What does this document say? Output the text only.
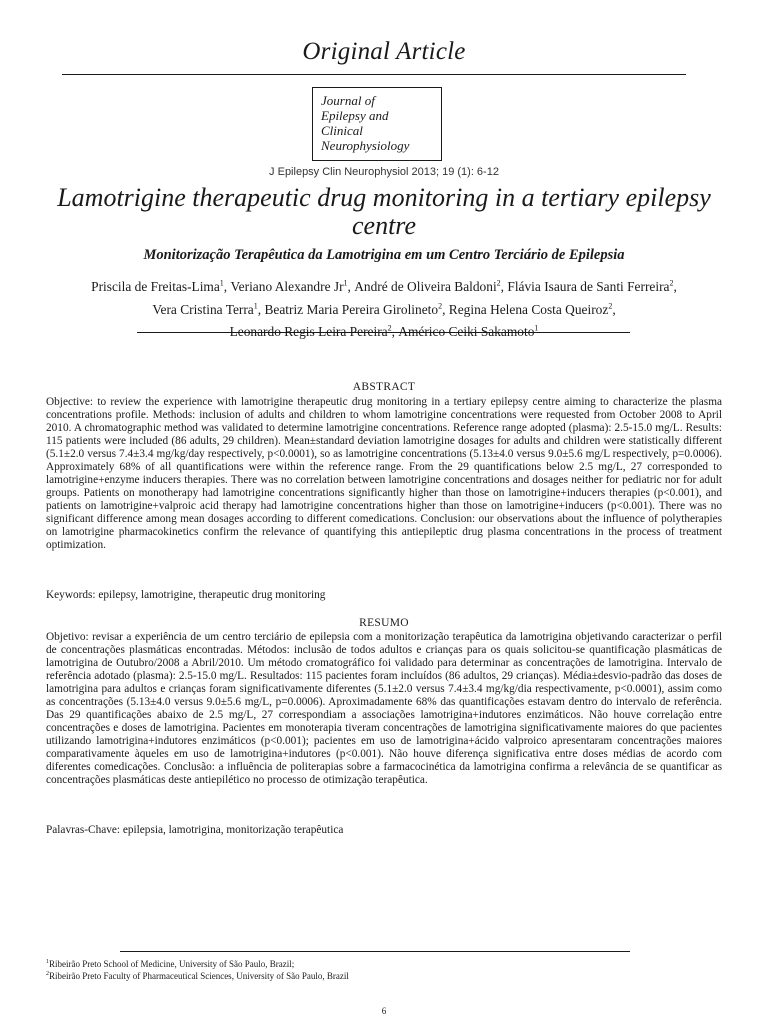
Original Article
Journal of
Epilepsy and
Clinical
Neurophysiology
J Epilepsy Clin Neurophysiol 2013; 19 (1): 6-12
Lamotrigine therapeutic drug monitoring in a tertiary epilepsy centre
Monitorização Terapêutica da Lamotrigina em um Centro Terciário de Epilepsia
Priscila de Freitas-Lima$^1$, Veriano Alexandre Jr$^1$, André de Oliveira Baldoni$^2$, Flávia Isaura de Santi Ferreira$^2$,
Vera Cristina Terra$^1$, Beatriz Maria Pereira Girolineto$^2$, Regina Helena Costa Queiroz$^2$,
Leonardo Regis Leira Pereira$^2$, Américo Ceiki Sakamoto$^1$
ABSTRACT
Objective: to review the experience with lamotrigine therapeutic drug monitoring in a tertiary epilepsy centre aiming to characterize the plasma concentrations profile. Methods: inclusion of adults and children to whom lamotrigine concentrations were requested from October 2008 to April 2010. A chromatographic method was validated to determine lamotrigine concentrations. Reference range adopted (plasma): 2.5-15.0 mg/L. Results: 115 patients were included (86 adults, 29 children). Mean±standard deviation lamotrigine dosages for adults and children were statistically different (5.1±2.0 versus 7.4±3.4 mg/kg/day respectively, p<0.0001), so as lamotrigine concentrations (5.13±4.0 versus 9.0±5.6 mg/L respectively, p=0.0006). Approximately 68% of all quantifications were within the reference range. From the 29 quantifications below 2.5 mg/L, 27 corresponded to lamotrigine+enzyme inducers therapies. There was no correlation between lamotrigine concentrations and dosages neither for pediatric nor for adult groups. Patients on monotherapy had lamotrigine concentrations significantly higher than those on lamotrigine+inducers therapies (p<0.001), and patients on lamotrigine+valproic acid therapy had lamotrigine concentrations higher than those on lamotrigine+inducers (p<0.001). There was no significant difference among mean dosages according to different comedications. Conclusion: our observations about the influence of polytherapies on lamotrigine pharmacokinetics confirm the relevance of quantifying this antiepileptic drug plasma concentrations in the process of treatment optimization.
Keywords: epilepsy, lamotrigine, therapeutic drug monitoring
RESUMO
Objetivo: revisar a experiência de um centro terciário de epilepsia com a monitorização terapêutica da lamotrigina objetivando caracterizar o perfil de concentrações plasmáticas encontradas. Métodos: inclusão de todos adultos e crianças para os quais solicitou-se quantificação plasmáticas de lamotrigina de Outubro/2008 a Abril/2010. Um método cromatográfico foi validado para determinar as concentrações de lamotrigina. Intervalo de referência adotado (plasma): 2.5-15.0 mg/L. Resultados: 115 pacientes foram incluídos (86 adultos, 29 crianças). Média±desvio-padrão das doses de lamotrigina para adultos e crianças foram significativamente diferentes (5.1±2.0 versus 7.4±3.4 mg/kg/dia respectivamente, p<0.0001), assim como as concentrações (5.13±4.0 versus 9.0±5.6 mg/L, p=0.0006). Aproximadamente 68% das quantificações estavam dentro do intervalo de referência. Das 29 quantificações abaixo de 2.5 mg/L, 27 correspondiam a associações lamotrigina+indutores enzimáticos. Não houve correlação entre concentrações e doses de lamotrigina. Pacientes em monoterapia tiveram concentrações de lamotrigina significativamente maiores do que pacientes utilizando lamotrigina+indutores enzimáticos (p<0.001); pacientes em uso de lamotrigina+ácido valproico apresentaram concentrações maiores comparativamente àqueles em uso de lamotrigina+indutores (p<0.001). Não houve diferença significativa entre doses médias de acordo com diferentes comedicações. Conclusão: a influência de politerapias sobre a farmacocinética da lamotrigina confirma a relevância de se quantificar as concentrações plasmáticas deste antiepilético no processo de otimização terapêutica.
Palavras-Chave: epilepsia, lamotrigina, monitorização terapêutica
$^1$Ribeirão Preto School of Medicine, University of São Paulo, Brazil;
$^2$Ribeirão Preto Faculty of Pharmaceutical Sciences, University of São Paulo, Brazil
6
